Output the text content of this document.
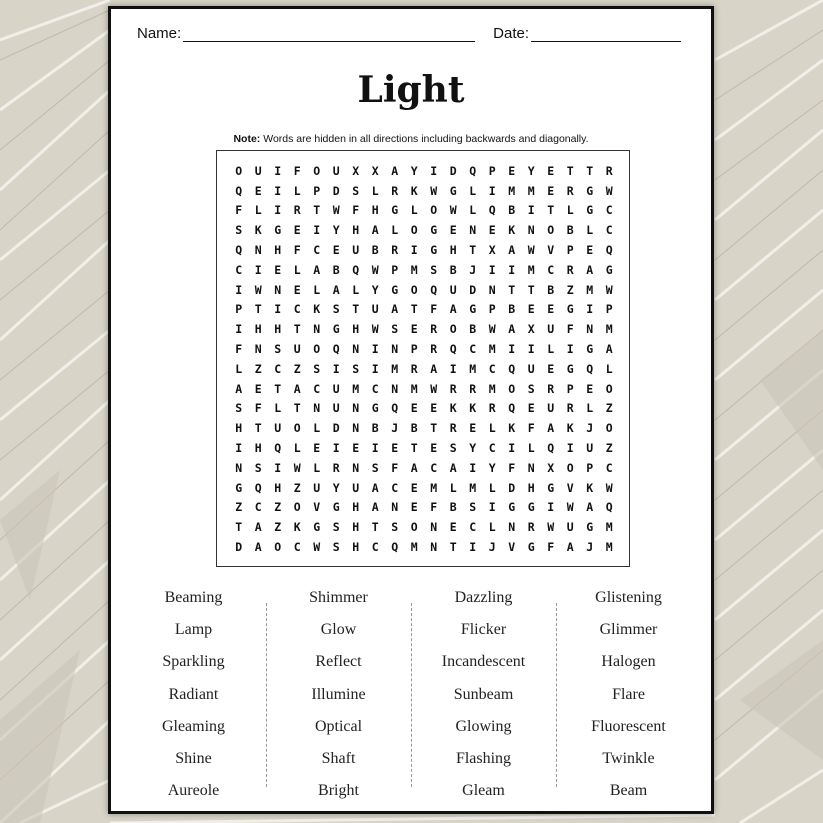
Name:	Date:
Light
Note: Words are hidden in all directions including backwards and diagonally.
O	U	I	F	O	U	X	X	A	Y	I	D	Q	P	E	Y	E	T	T	R
Q	E	I	L	P	D	S	L	R	K	W	G	L	I	M	M	E	R	G	W
F	L	I	R	T	W	F	H	G	L	O	W	L	Q	B	I	T	L	G	C
S	K	G	E	I	Y	H	A	L	O	G	E	N	E	K	N	O	B	L	C
Q	N	H	F	C	E	U	B	R	I	G	H	T	X	A	W	V	P	E	Q
C	I	E	L	A	B	Q	W	P	M	S	B	J	I	I	M	C	R	A	G
I	W	N	E	L	A	L	Y	G	O	Q	U	D	N	T	T	B	Z	M	W
P	T	I	C	K	S	T	U	A	T	F	A	G	P	B	E	E	G	I	P
I	H	H	T	N	G	H	W	S	E	R	O	B	W	A	X	U	F	N	M
F	N	S	U	O	Q	N	I	N	P	R	Q	C	M	I	I	L	I	G	A
L	Z	C	Z	S	I	S	I	M	R	A	I	M	C	Q	U	E	G	Q	L
A	E	T	A	C	U	M	C	N	M	W	R	R	M	O	S	R	P	E	O
S	F	L	T	N	U	N	G	Q	E	E	K	K	R	Q	E	U	R	L	Z
H	T	U	O	L	D	N	B	J	B	T	R	E	L	K	F	A	K	J	O
I	H	Q	L	E	I	E	I	E	T	E	S	Y	C	I	L	Q	I	U	Z
N	S	I	W	L	R	N	S	F	A	C	A	I	Y	F	N	X	O	P	C
G	Q	H	Z	U	Y	U	A	C	E	M	L	M	L	D	H	G	V	K	W
Z	C	Z	O	V	G	H	A	N	E	F	B	S	I	G	G	I	W	A	Q
T	A	Z	K	G	S	H	T	S	O	N	E	C	L	N	R	W	U	G	M
D	A	O	C	W	S	H	C	Q	M	N	T	I	J	V	G	F	A	J	M
Beaming
Lamp
Sparkling
Radiant
Gleaming
Shine
Aureole
Shimmer
Glow
Reflect
Illumine
Optical
Shaft
Bright
Dazzling
Flicker
Incandescent
Sunbeam
Glowing
Flashing
Gleam
Glistening
Glimmer
Halogen
Flare
Fluorescent
Twinkle
Beam
